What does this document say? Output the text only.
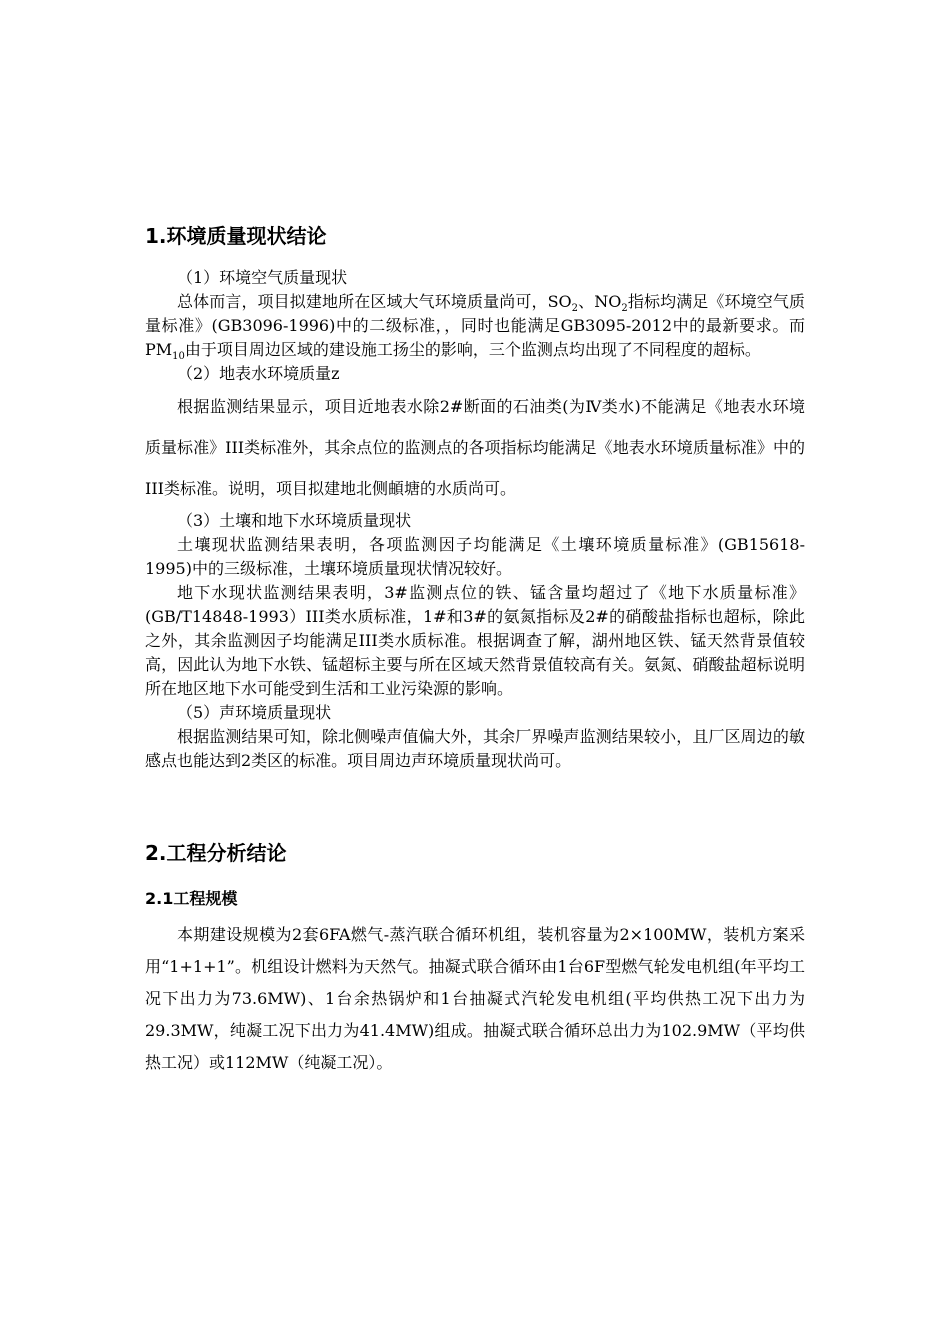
1.环境质量现状结论

（1）环境空气质量现状

总体而言，项目拟建地所在区域大气环境质量尚可，$SO_2$、$NO_2$指标均满足《环境空气质量标准》(GB3096-1996)中的二级标准，，同时也能满足GB3095-2012中的最新要求。而$PM_{10}$由于项目周边区域的建设施工扬尘的影响，三个监测点均出现了不同程度的超标。

（2）地表水环境质量z

根据监测结果显示，项目近地表水除2#断面的石油类(为Ⅳ类水)不能满足《地表水环境质量标准》III类标准外，其余点位的监测点的各项指标均能满足《地表水环境质量标准》中的III类标准。说明，项目拟建地北侧頔塘的水质尚可。

（3）土壤和地下水环境质量现状

土壤现状监测结果表明，各项监测因子均能满足《土壤环境质量标准》(GB15618-1995)中的三级标准，土壤环境质量现状情况较好。

地下水现状监测结果表明，3#监测点位的铁、锰含量均超过了《地下水质量标准》(GB/T14848-1993）III类水质标准，1#和3#的氨氮指标及2#的硝酸盐指标也超标，除此之外，其余监测因子均能满足III类水质标准。根据调查了解，湖州地区铁、锰天然背景值较高，因此认为地下水铁、锰超标主要与所在区域天然背景值较高有关。氨氮、硝酸盐超标说明所在地区地下水可能受到生活和工业污染源的影响。

（5）声环境质量现状

根据监测结果可知，除北侧噪声值偏大外，其余厂界噪声监测结果较小，且厂区周边的敏感点也能达到2类区的标准。项目周边声环境质量现状尚可。

2.工程分析结论
2.1工程规模

本期建设规模为2套6FA燃气-蒸汽联合循环机组，装机容量为2×100MW，装机方案采用“1+1+1”。机组设计燃料为天然气。抽凝式联合循环由1台6F型燃气轮发电机组(年平均工况下出力为73.6MW)、1台余热锅炉和1台抽凝式汽轮发电机组(平均供热工况下出力为29.3MW，纯凝工况下出力为41.4MW)组成。抽凝式联合循环总出力为102.9MW（平均供热工况）或112MW（纯凝工况）。
